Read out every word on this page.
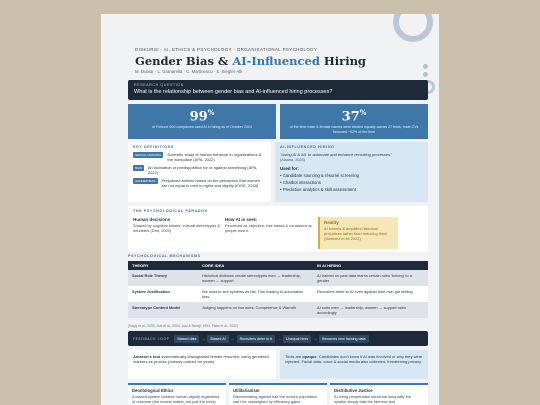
DISKURSI - AI, ETHICS & PSYCHOLOGY - ORGANISATIONAL PSYCHOLOGY
Gender Bias & AI-Influenced Hiring
M. Dubiar · L. Granarella · C. Martinescu · S. Siegler-Alk
RESEARCH QUESTION
What is the relationship between gender bias and AI-influenced hiring processes?
99%
of Fortune 500 companies used AI in hiring as of October 2024
37%
of the time male & female names were treated equally across 27 tests; male CVs favoured ~52% of the time
KEY DEFINITIONS
SEXUAL FRAMING	Scientific study of human behavior in organizations & the workplace (APA, 2022)
BIAS	An inclination or predisposition for or against something (APA, 2022)
GENDER BIAS	Prejudiced actions based on the perception that women are not equal to men in rights and dignity (EIGE, 2018)
AI-INFLUENCED HIRING
"Using AI & ML to automate and enhance recruiting processes"
(Alaana, 2025)
Used for:
• Candidate sourcing & résumé screening
• Chatbot interactions
• Predictive analytics & skill assessment
THE PSYCHOLOGICAL PARADOX
Human decisions
Shaped by cognitive biases, cultural stereotypes & heuristics (Dror, 2020)
How AI is seen
Perceived as objective, rule-based & consistent vs people trust it
Reality
AI inherits & amplifies historical prejudices rather than reducing them (Martinez et al. 2022)
PSYCHOLOGICAL MECHANISMS
THEORY	CORE IDEA	IN AI HIRING
Social Role Theory	Historical divisions create stereotypes men → leadership, women → support	AI trained on past data learns certain roles 'belong' to a gender
System Justification	We want to see systems as fair. This leading to automation bias	Recruiters defer to AI even against their own gut feeling
Stereotype Content Model	Judging happens on two axes: Competence & Warmth	AI sorts men → leadership, women → support roles accordingly
(Eagly et al., 2000; Jost et al., 2004; Jost & Banaji, 1994; Fiske et al., 2002)
FEEDBACK LOOP	Biased data	→	Biased AI	→	Recruiters defer to it	→	Unequal hires	→	Becomes new training data
Amazon's tool systematically downgraded female résumés, using gendered markers as proxies (nobody noticed for years)
Tools are opaque. Candidates don't know if AI was involved or why they were rejected. Facial data, voice & social media also collected, threatening privacy
Deontological Ethics
A biased system violates human dignity regardless of outcome (the means matter, not just the ends)
Utilitarianism
Discriminating against half the world's population can't be outweighed by efficiency gains
Distributive Justice
AI hiring perpetuates structural inequality the system simply fails the fairness test
